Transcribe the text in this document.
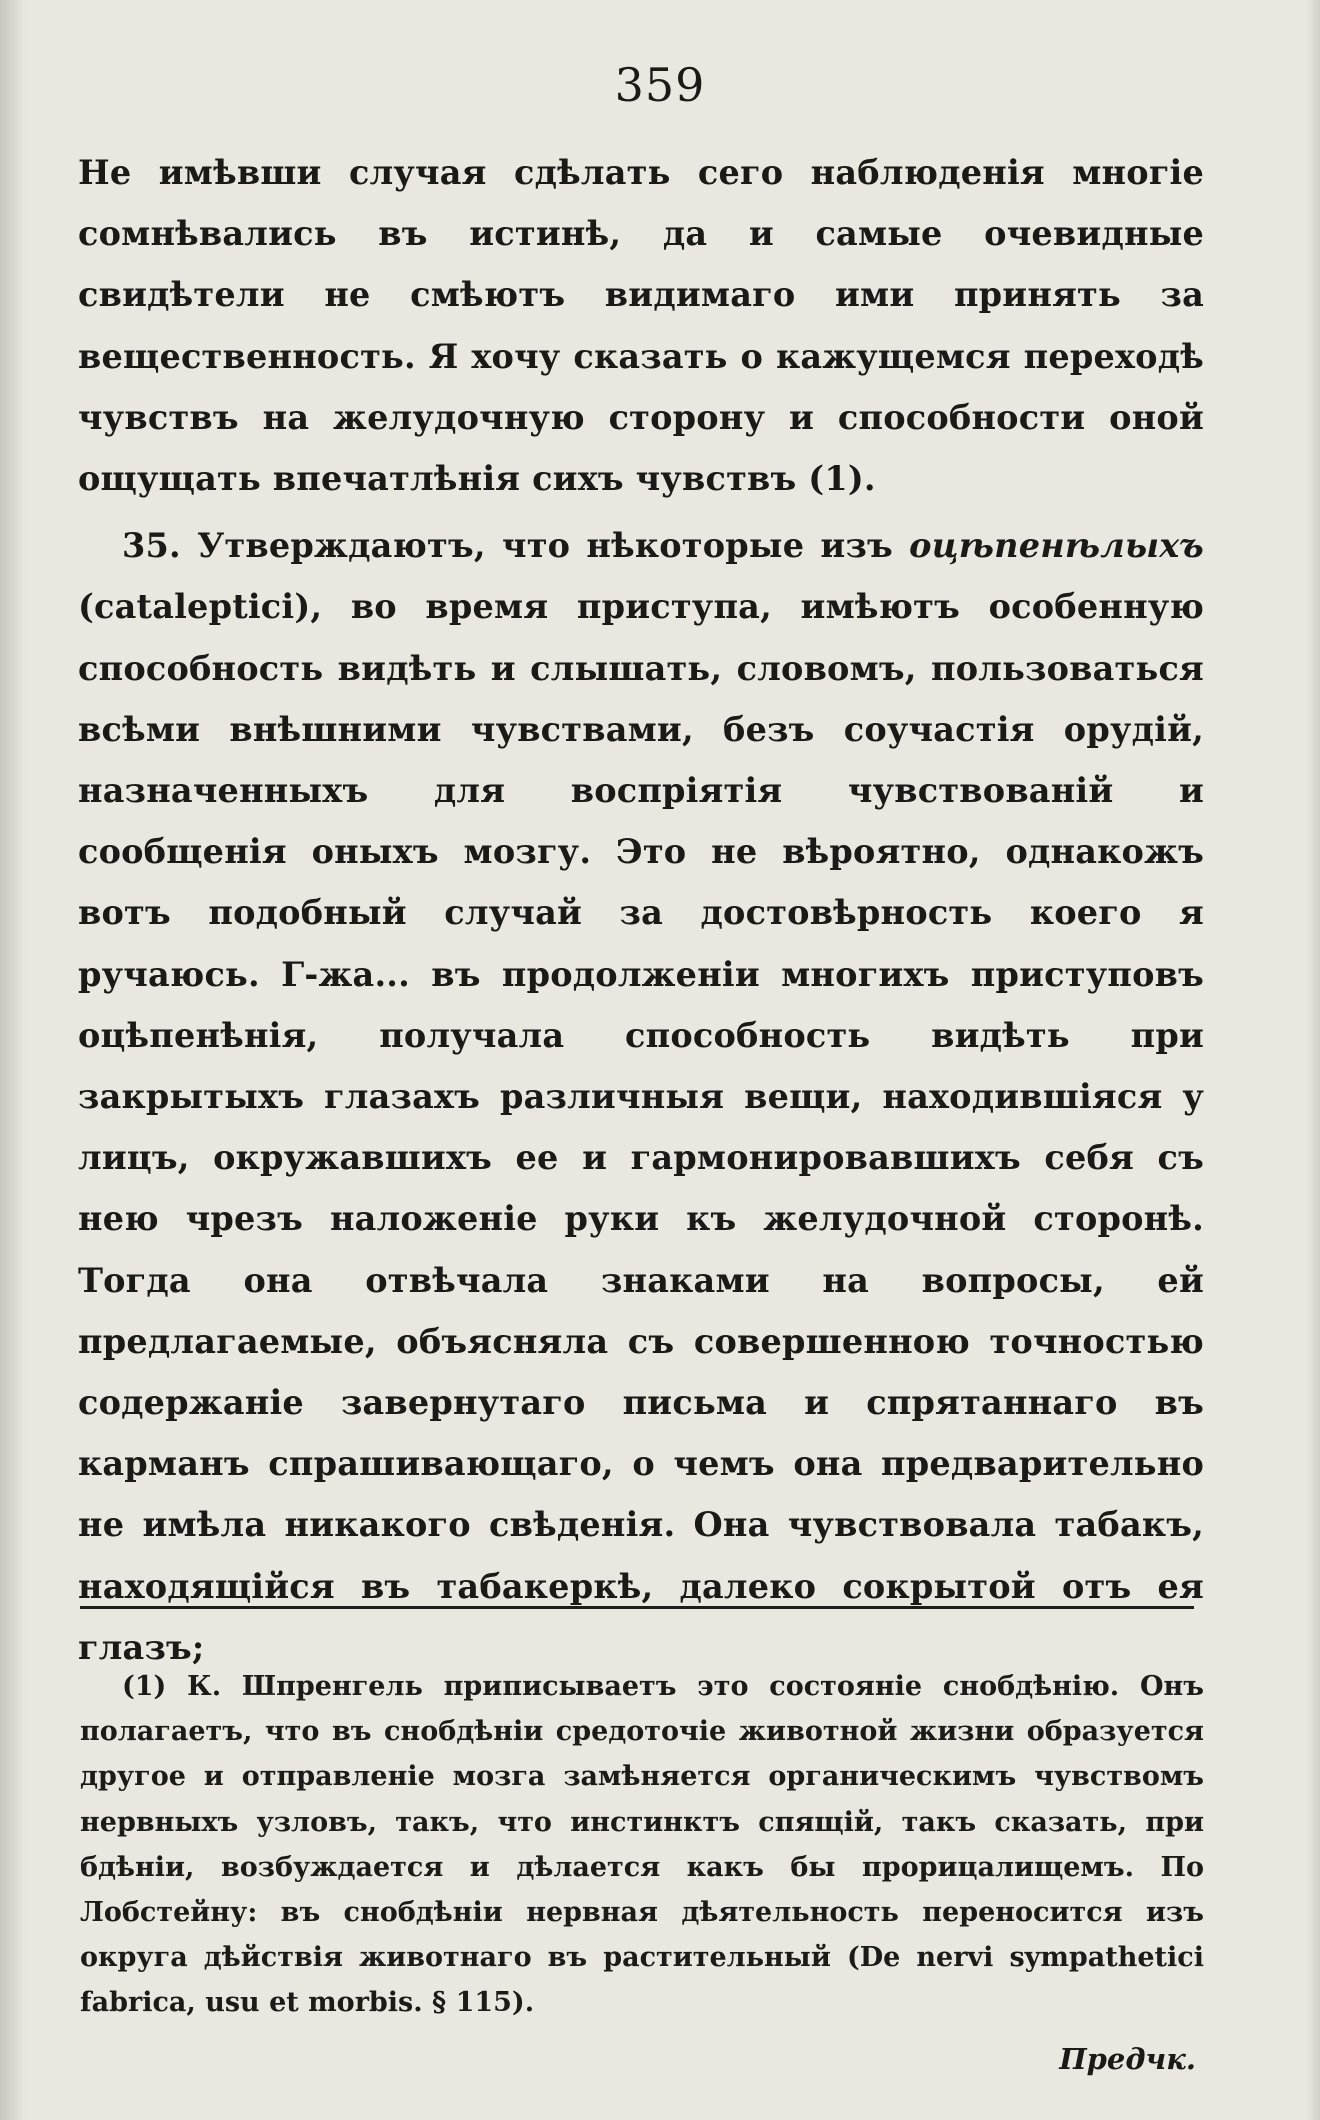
359

Не имѣвши случая сдѣлать сего наблюденія многіе сомнѣвались въ истинѣ, да и самые очевидные свидѣтели не смѣютъ видимаго ими принять за вещественность. Я хочу сказать о кажущемся переходѣ чувствъ на желудочную сторону и способности оной ощущать впечатлѣнія сихъ чувствъ (1).

35. Утверждаютъ, что нѣкоторые изъ оцѣпенѣлыхъ (catalepticі), во время приступа, имѣютъ особенную способность видѣть и слышать, словомъ, пользоваться всѣми внѣшними чувствами, безъ соучастія орудій, назначенныхъ для воспріятія чувствованій и сообщенія оныхъ мозгу. Это не вѣроятно, однакожъ вотъ подобный случай за достовѣрность коего я ручаюсь. Г-жа... въ продолженіи многихъ приступовъ оцѣпенѣнія, получала способность видѣть при закрытыхъ глазахъ различныя вещи, находившіяся у лицъ, окружавшихъ ее и гармонировавшихъ себя съ нею чрезъ наложеніе руки къ желудочной сторонѣ. Тогда она отвѣчала знаками на вопросы, ей предлагаемые, объясняла съ совершенною точностью содержаніе завернутаго письма и спрятаннаго въ карманъ спрашивающаго, о чемъ она предварительно не имѣла никакого свѣденія. Она чувствовала табакъ, находящійся въ табакеркѣ, далеко сокрытой отъ ея глазъ;

(1) К. Шпренгель приписываетъ это состояніе снобдѣнію. Онъ полагаетъ, что въ снобдѣніи средоточіе животной жизни образуется другое и отправленіе мозга замѣняется органическимъ чувствомъ нервныхъ узловъ, такъ, что инстинктъ спящій, такъ сказать, при бдѣніи, возбуждается и дѣлается какъ бы прорицалищемъ. По Лобстейну: въ снобдѣніи нервная дѣятельность переносится изъ округа дѣйствія животнаго въ растительный (De nervi sympathetici fabrica, usu et morbis. § 115).

Предчк.
